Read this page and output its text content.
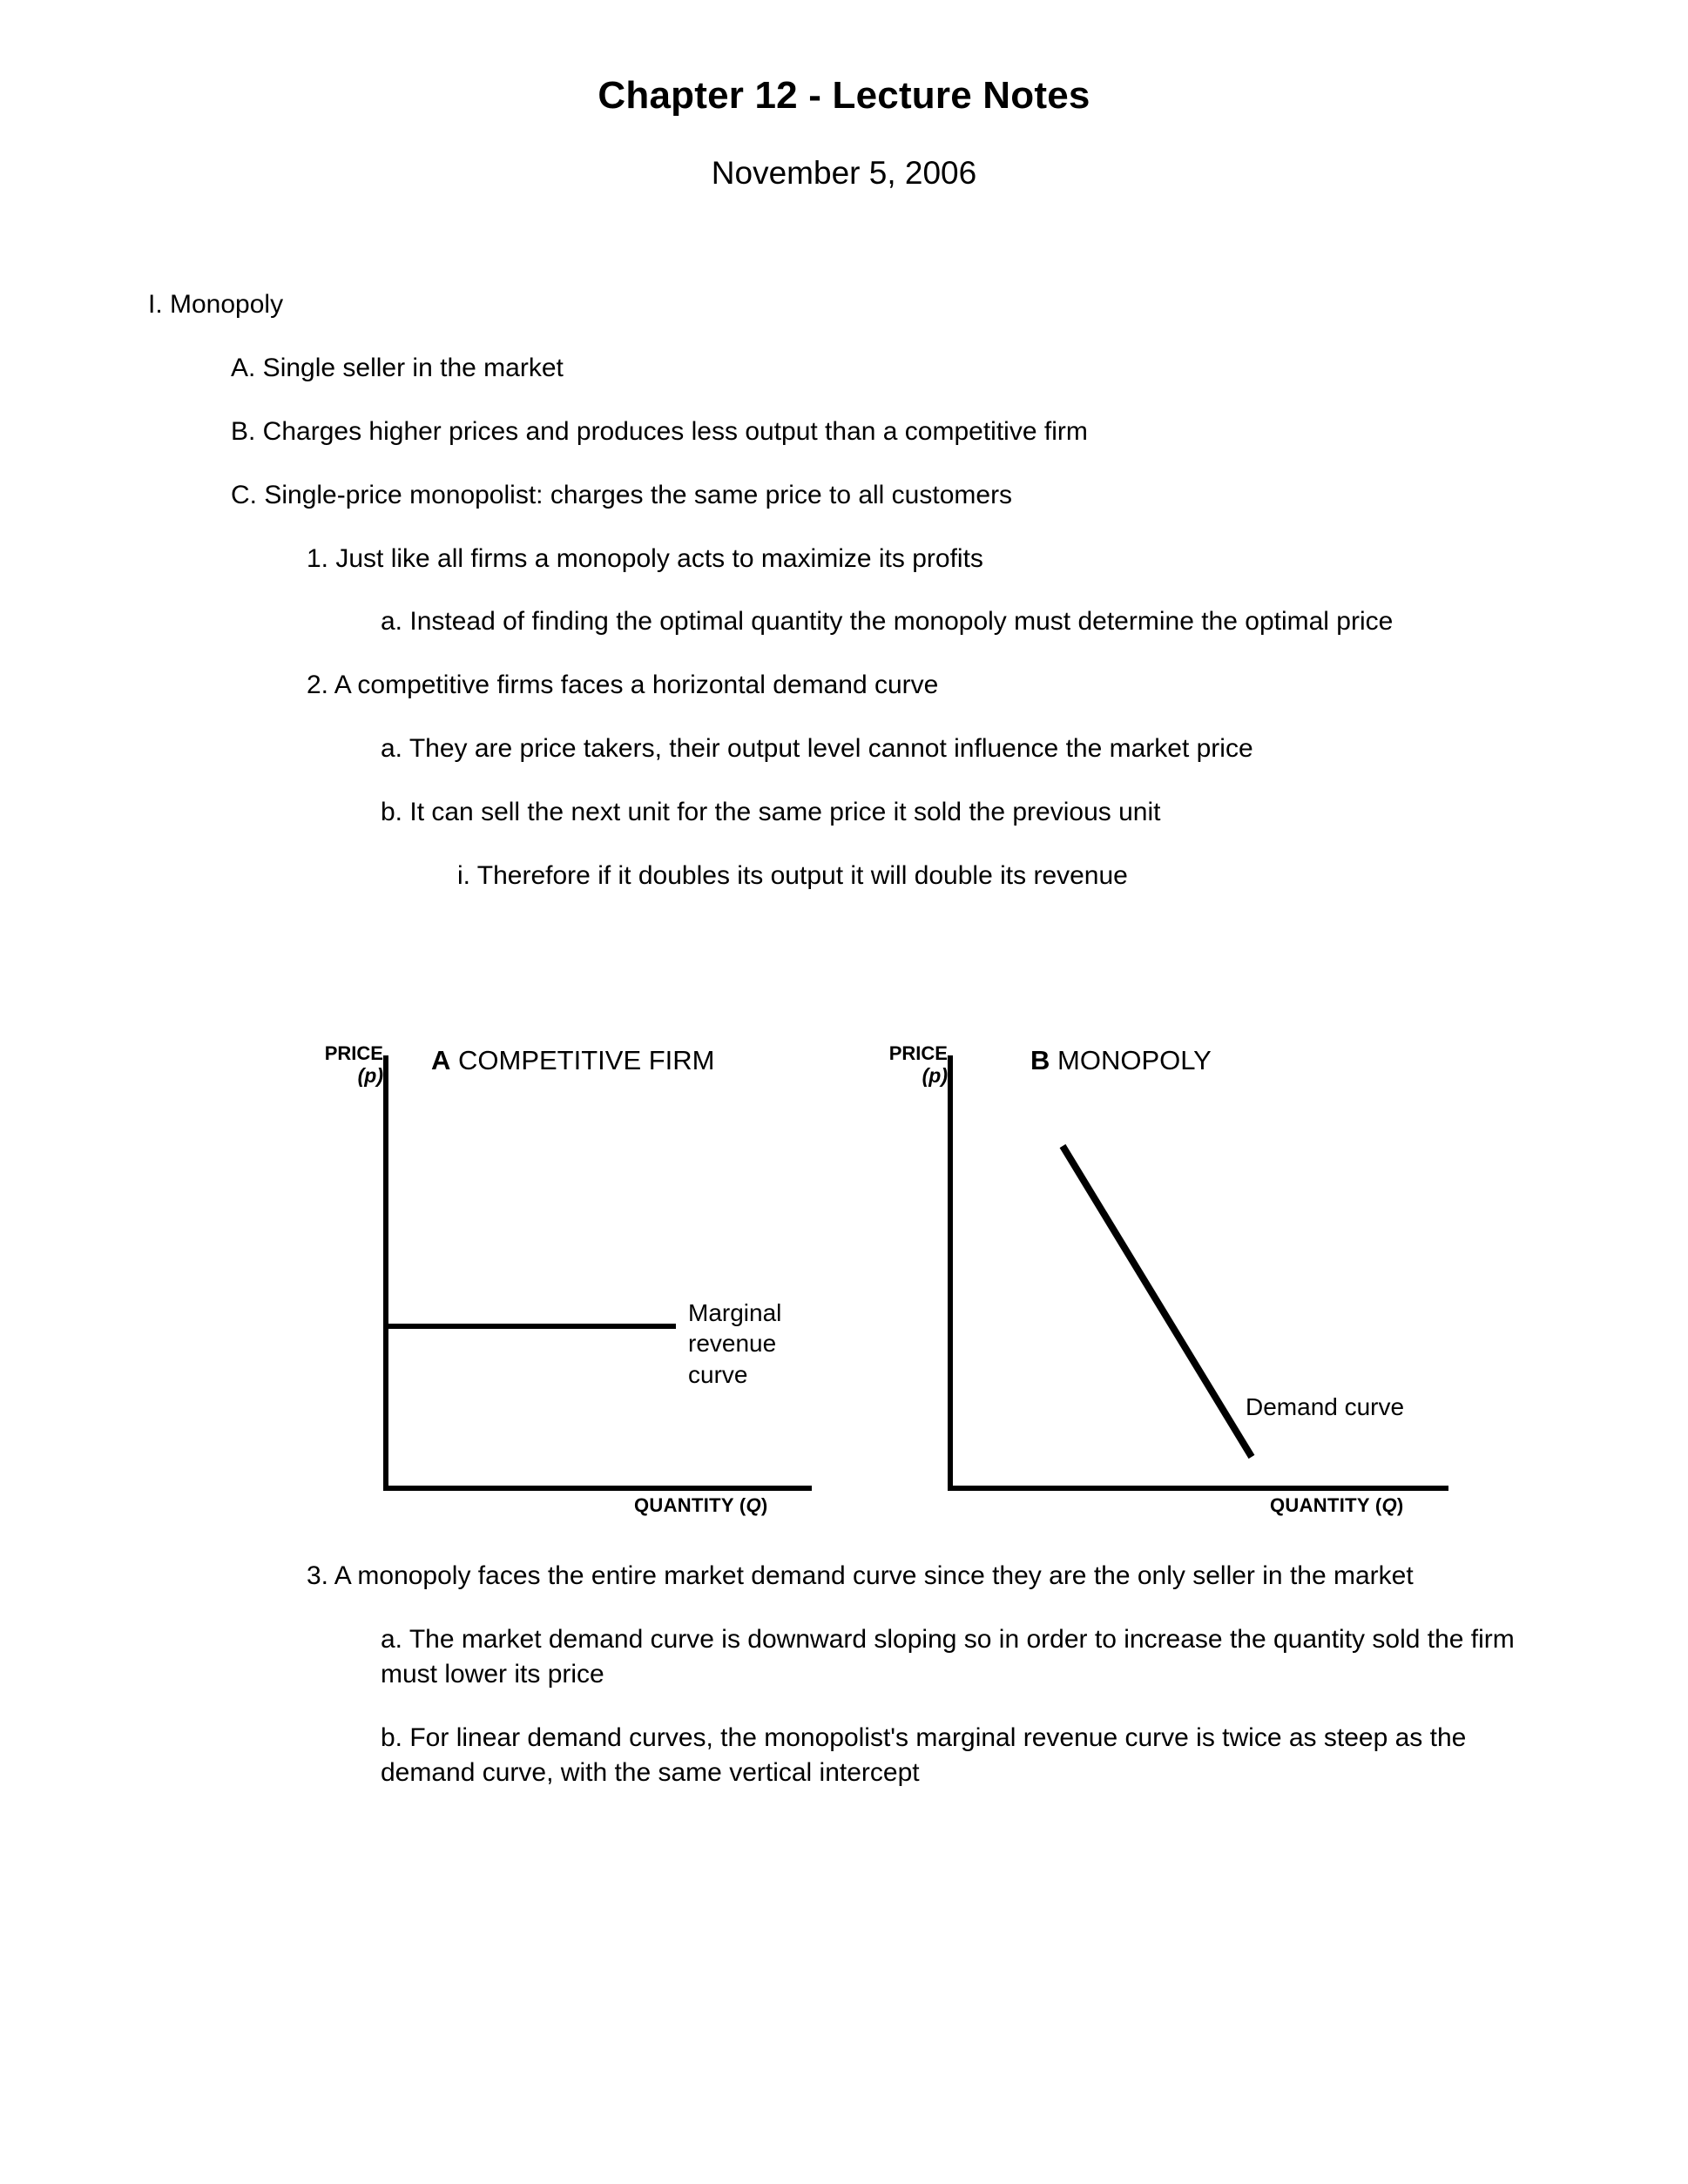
Chapter 12 - Lecture Notes
November 5, 2006
I. Monopoly
A. Single seller in the market
B. Charges higher prices and produces less output than a competitive firm
C. Single-price monopolist: charges the same price to all customers
1. Just like all firms a monopoly acts to maximize its profits
a. Instead of finding the optimal quantity the monopoly must determine the optimal price
2. A competitive firms faces a horizontal demand curve
a. They are price takers, their output level cannot influence the market price
b. It can sell the next unit for the same price it sold the previous unit
i. Therefore if it doubles its output it will double its revenue
PRICE
(p) A COMPETITIVE FIRM
Marginal
revenue
curve
QUANTITY (Q)
PRICE
(p)	B MONOPOLY
Demand curve
QUANTITY (Q)
3. A monopoly faces the entire market demand curve since they are the only seller in the market
a. The market demand curve is downward sloping so in order to increase the quantity sold the firm must lower its price
b. For linear demand curves, the monopolist's marginal revenue curve is twice as steep as the demand curve, with the same vertical intercept
